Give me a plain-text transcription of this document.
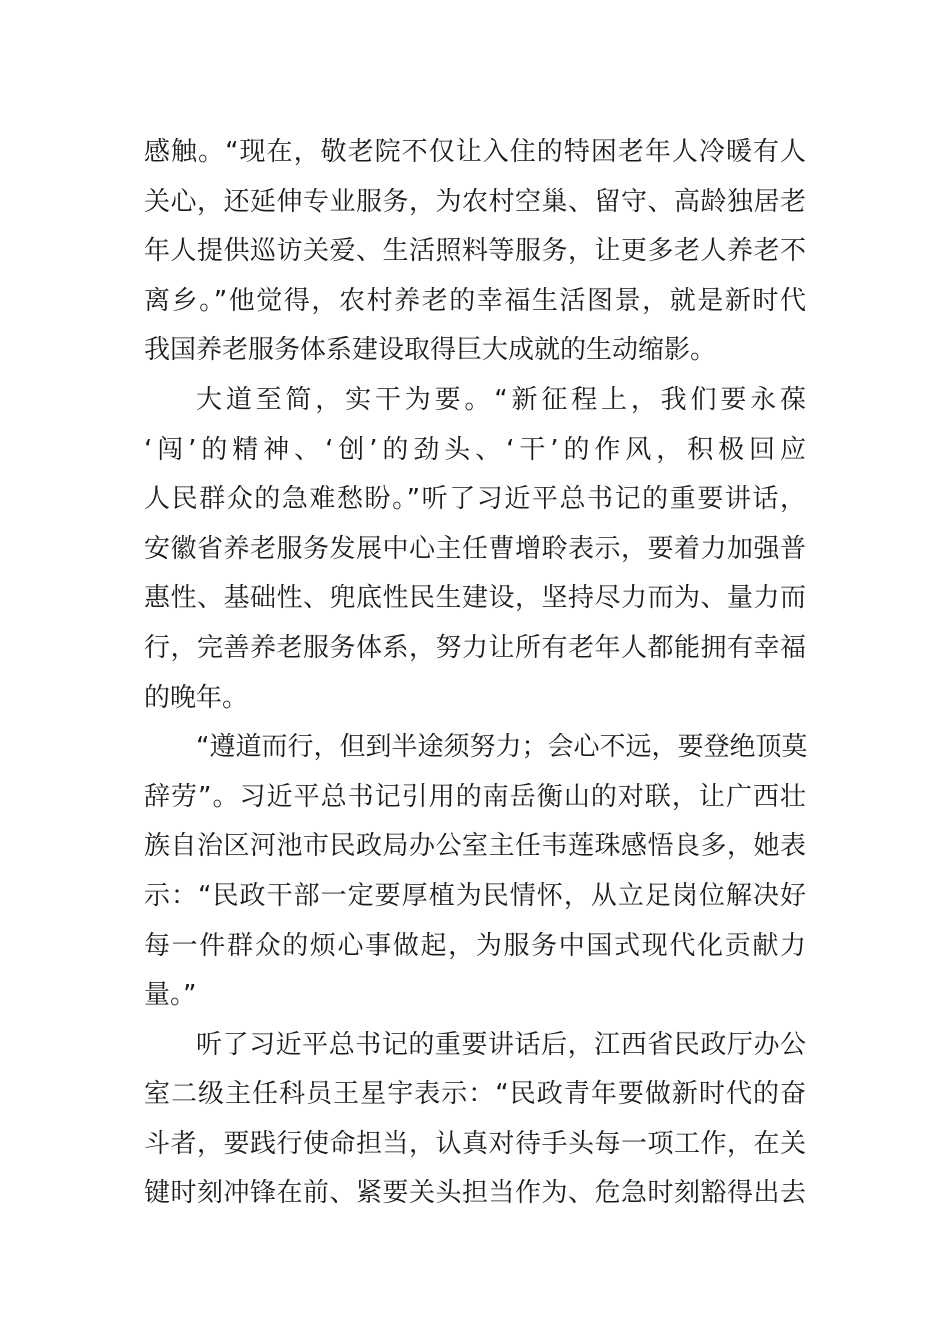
感触。“现在，敬老院不仅让入住的特困老年人冷暖有人
关心，还延伸专业服务，为农村空巢、留守、高龄独居老
年人提供巡访关爱、生活照料等服务，让更多老人养老不
离乡。”他觉得，农村养老的幸福生活图景，就是新时代
我国养老服务体系建设取得巨大成就的生动缩影。
大道至简，实干为要。“新征程上，我们要永葆
‘闯’的精神、‘创’的劲头、‘干’的作风，积极回应
人民群众的急难愁盼。”听了习近平总书记的重要讲话，
安徽省养老服务发展中心主任曹增聆表示，要着力加强普
惠性、基础性、兜底性民生建设，坚持尽力而为、量力而
行，完善养老服务体系，努力让所有老年人都能拥有幸福
的晚年。
“遵道而行，但到半途须努力；会心不远，要登绝顶莫
辞劳”。习近平总书记引用的南岳衡山的对联，让广西壮
族自治区河池市民政局办公室主任韦莲珠感悟良多，她表
示：“民政干部一定要厚植为民情怀，从立足岗位解决好
每一件群众的烦心事做起，为服务中国式现代化贡献力
量。”
听了习近平总书记的重要讲话后，江西省民政厅办公
室二级主任科员王星宇表示：“民政青年要做新时代的奋
斗者，要践行使命担当，认真对待手头每一项工作，在关
键时刻冲锋在前、紧要关头担当作为、危急时刻豁得出去
